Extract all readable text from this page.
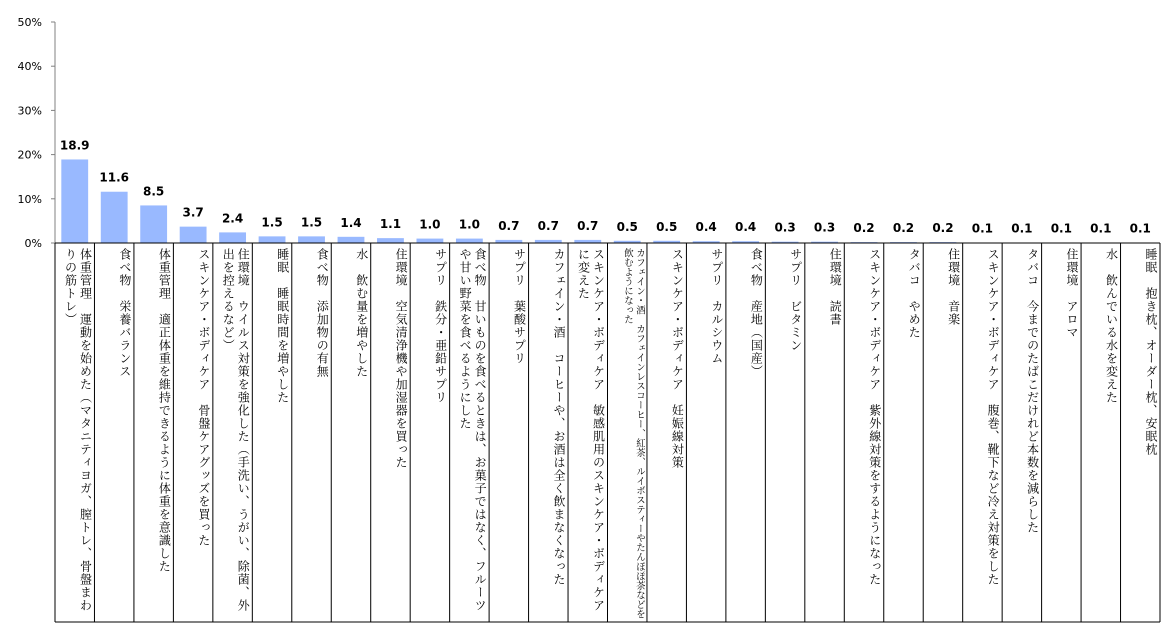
0%
10%
20%
30%
40%
50%
18.9
11.6
8.5
3.7 2.4 1.5 1.5 1.4 1.1 1.0 1.0 0.7 0.7 0.7 0.5 0.5 0.4 0.4 0.3 0.3 0.2 0.2 0.2 0.1 0.1 0.1 0.1 0.1
体重管理　運動を始めた（マタニティヨガ、膣トレ、骨盤まわりの筋トレ）	食べ物　栄養バランス	体重管理　適正体重を維持できるように体重を意識した	スキンケア・ボディケア　骨盤ケアグッズを買った	住環境　ウイルス対策を強化した（手洗い、うがい、除菌、外出を控えるなど）	睡眠　睡眠時間を増やした	食べ物　添加物の有無	水　飲む量を増やした	住環境　空気清浄機や加湿器を買った	サプリ　鉄分・亜鉛サプリ	食べ物　甘いものを食べるときは、お菓子ではなく、フルーツや甘い野菜を食べるようにした	サプリ　葉酸サプリ	カフェイン・酒　コーヒーや、お酒は全く飲まなくなった	スキンケア・ボディケア　敏感肌用のスキンケア・ボディケアに変えた	カフェイン・酒　カフェインレスコーヒー、紅茶、ルイボスティーやたんぽぽ茶などを飲むようになった	スキンケア・ボディケア　妊娠線対策	サプリ　カルシウム	食べ物　産地（国産）	サプリ　ビタミン	住環境　読書	スキンケア・ボディケア　紫外線対策をするようになった	タバコ　やめた	住環境　音楽	スキンケア・ボディケア　腹巻、靴下など冷え対策をした	タバコ　今までのたばこだけれど本数を減らした	住環境　アロマ	水　飲んでいる水を変えた	睡眠　抱き枕、オーダー枕、安眠枕
